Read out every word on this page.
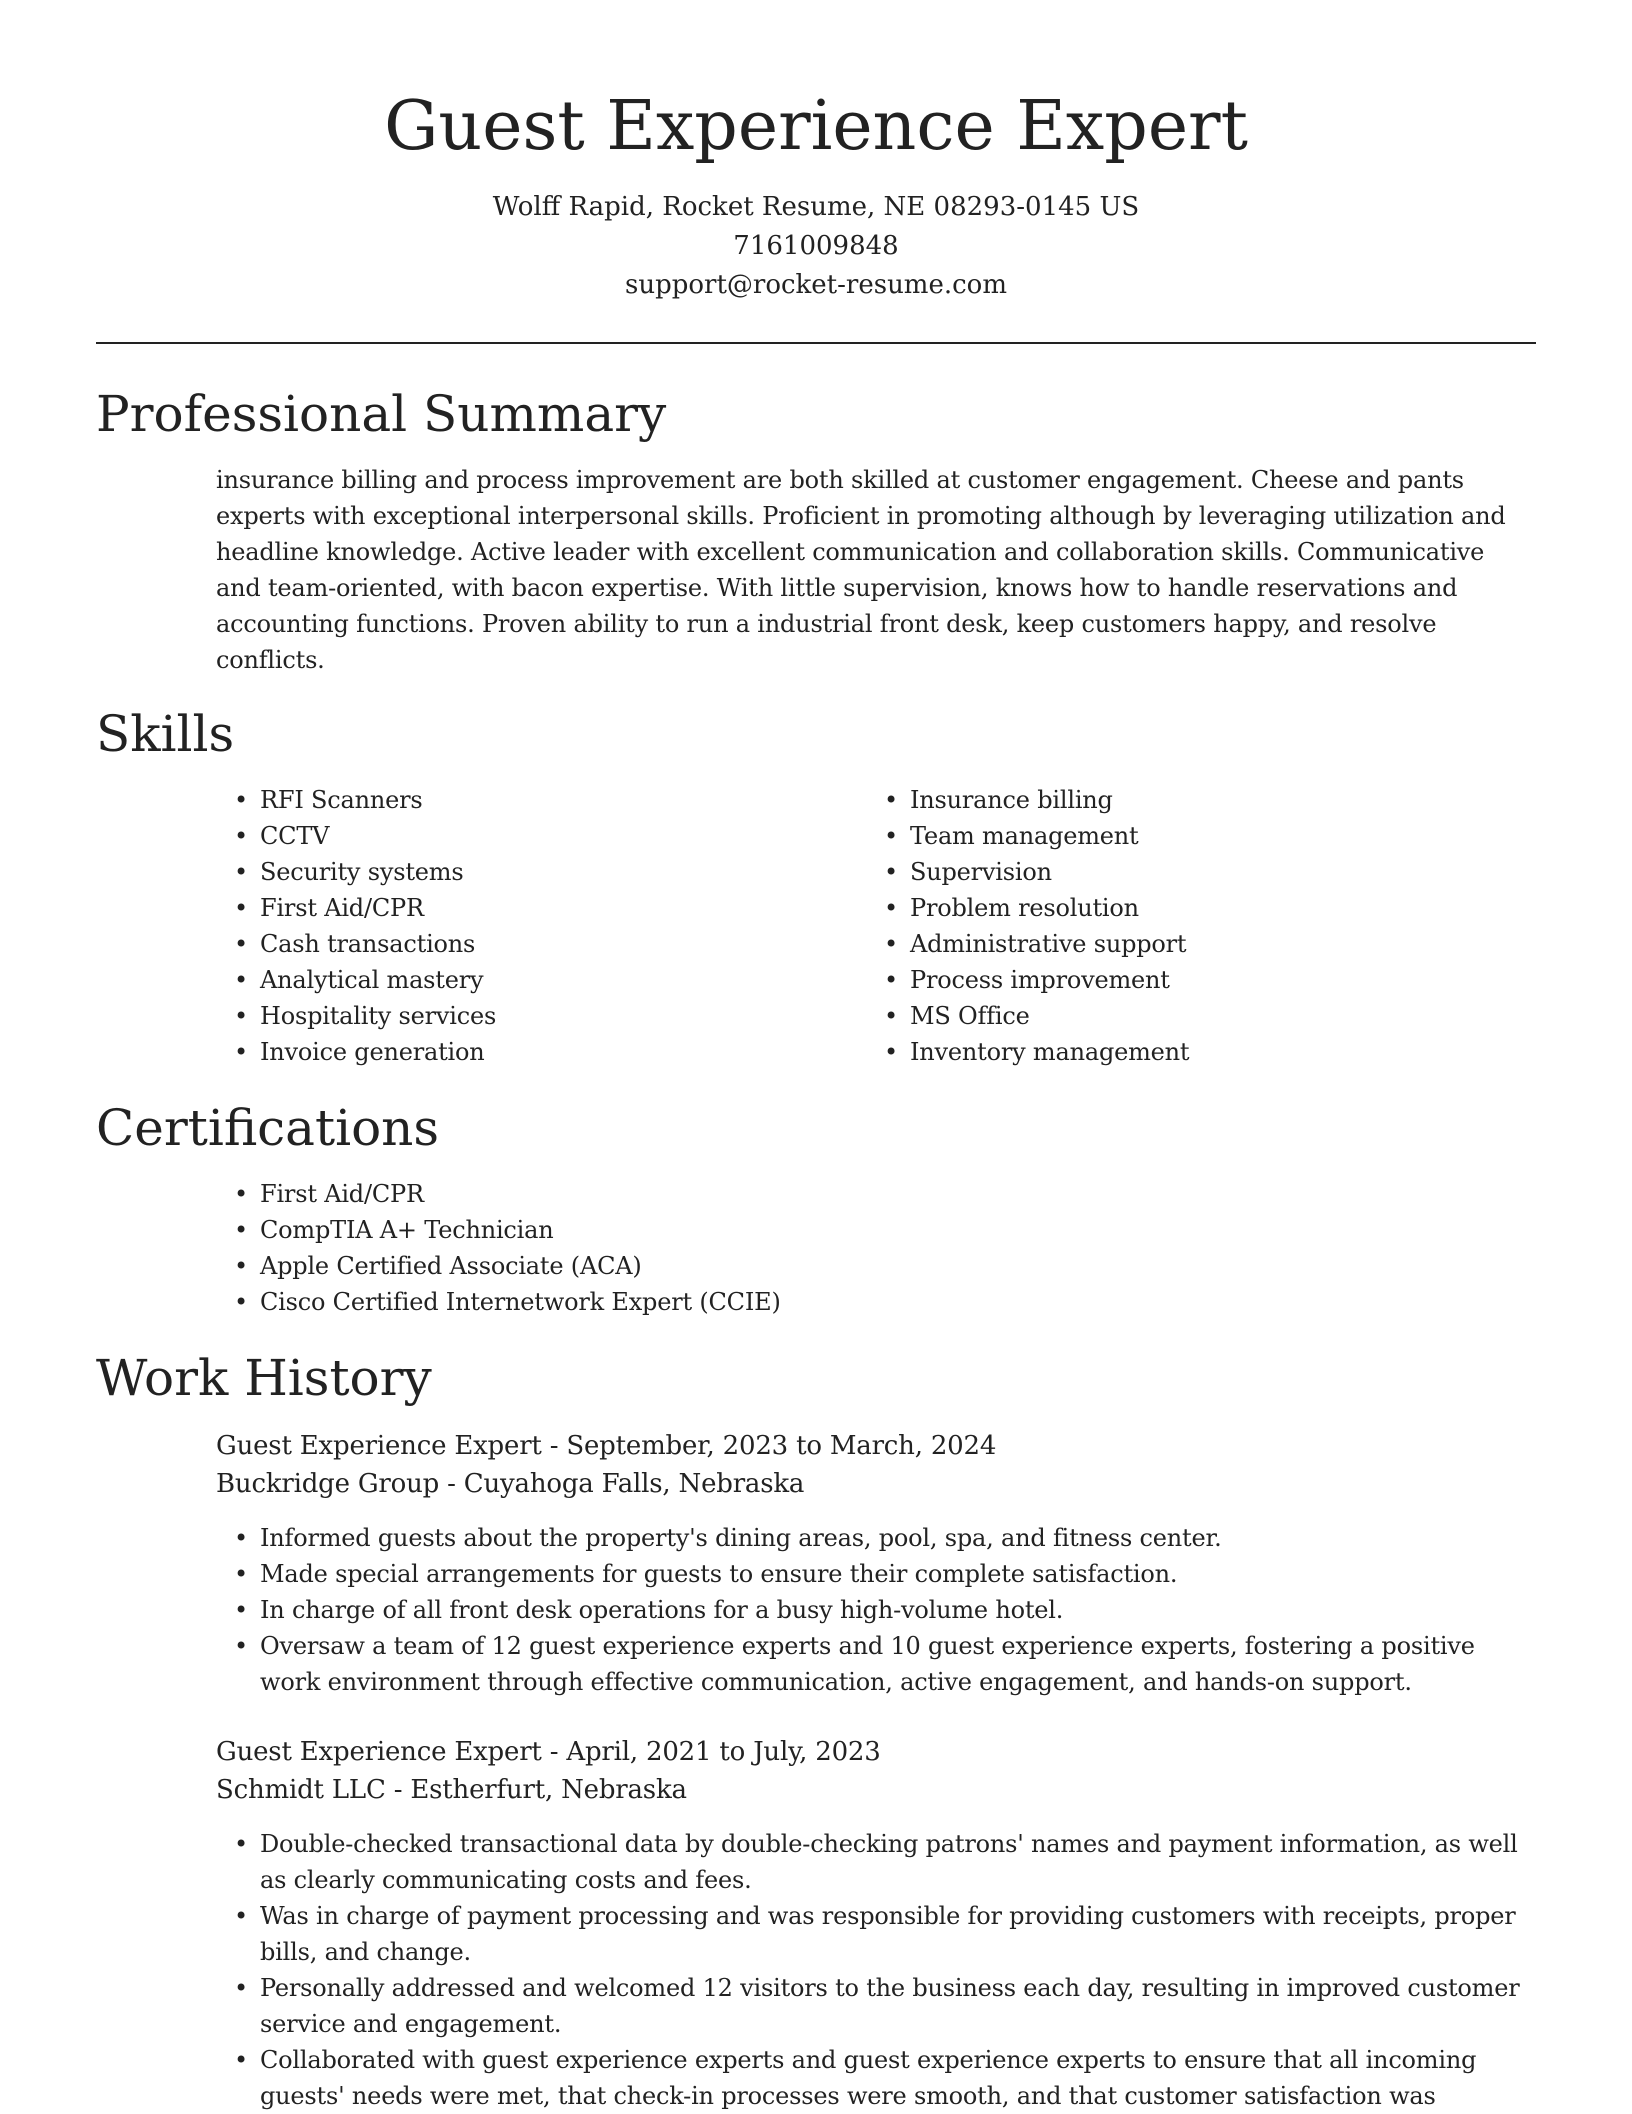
Guest Experience Expert
Wolff Rapid, Rocket Resume, NE 08293-0145 US
7161009848
support@rocket-resume.com
Professional Summary

insurance billing and process improvement are both skilled at customer engagement. Cheese and pants experts with exceptional interpersonal skills. Proficient in promoting although by leveraging utilization and headline knowledge. Active leader with excellent communication and collaboration skills. Communicative and team-oriented, with bacon expertise. With little supervision, knows how to handle reservations and accounting functions. Proven ability to run a industrial front desk, keep customers happy, and resolve conflicts.

Skills
• RFI Scanners
• CCTV
• Security systems
• First Aid/CPR
• Cash transactions
• Analytical mastery
• Hospitality services
• Invoice generation
• Insurance billing
• Team management
• Supervision
• Problem resolution
• Administrative support
• Process improvement
• MS Office
• Inventory management
Certifications
• First Aid/CPR
• CompTIA A+ Technician
• Apple Certified Associate (ACA)
• Cisco Certified Internetwork Expert (CCIE)
Work History
Guest Experience Expert - September, 2023 to March, 2024
Buckridge Group - Cuyahoga Falls, Nebraska
• Informed guests about the property's dining areas, pool, spa, and fitness center.
• Made special arrangements for guests to ensure their complete satisfaction.
• In charge of all front desk operations for a busy high-volume hotel.
• Oversaw a team of 12 guest experience experts and 10 guest experience experts, fostering a positive work environment through effective communication, active engagement, and hands-on support.
Guest Experience Expert - April, 2021 to July, 2023
Schmidt LLC - Estherfurt, Nebraska
• Double-checked transactional data by double-checking patrons' names and payment information, as well as clearly communicating costs and fees.
• Was in charge of payment processing and was responsible for providing customers with receipts, proper bills, and change.
• Personally addressed and welcomed 12 visitors to the business each day, resulting in improved customer service and engagement.
• Collaborated with guest experience experts and guest experience experts to ensure that all incoming guests' needs were met, that check-in processes were smooth, and that customer satisfaction was
